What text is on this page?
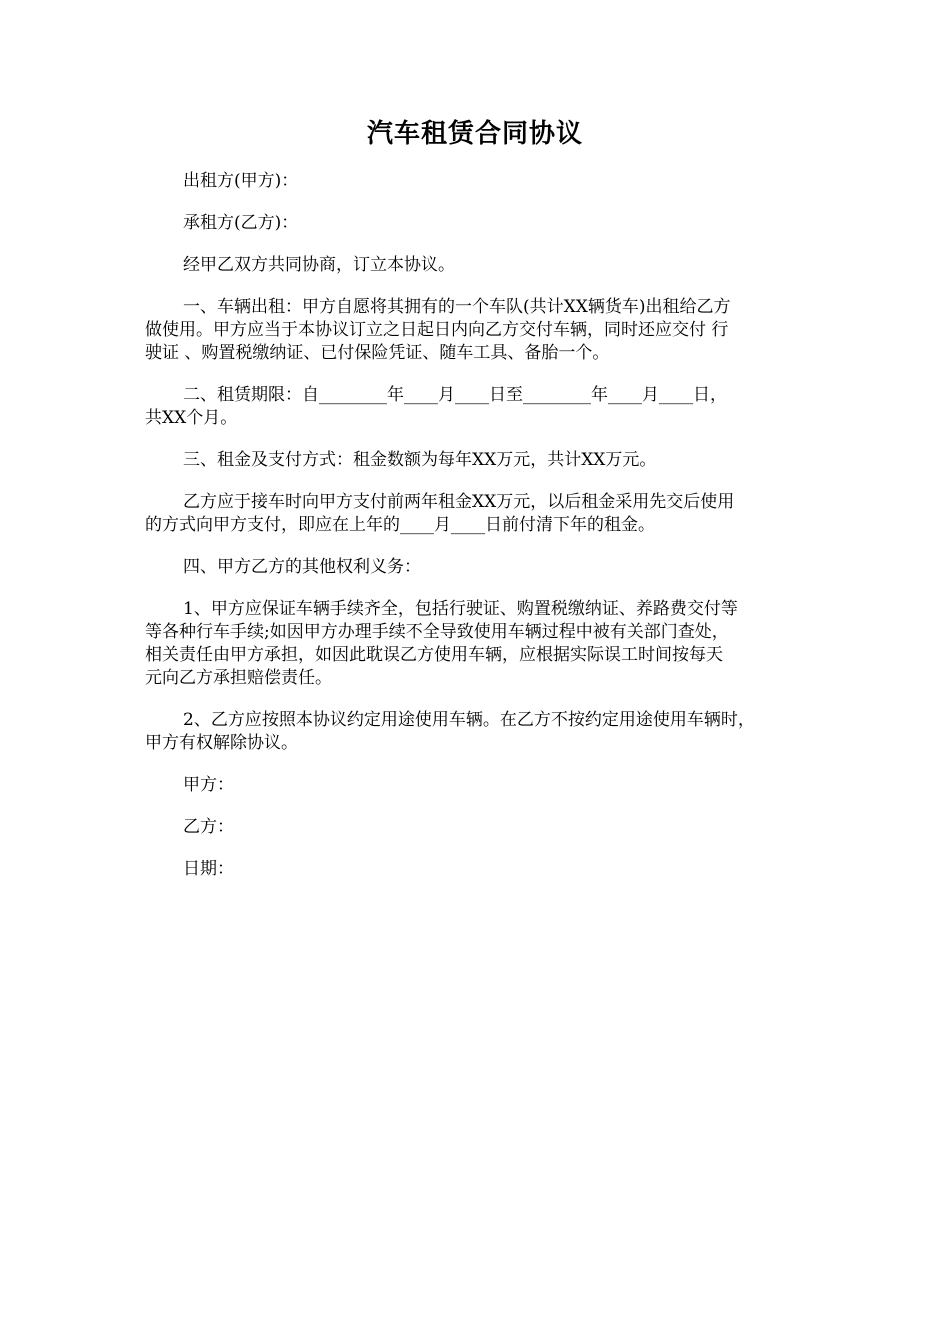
汽车租赁合同协议
出租方(甲方)：
承租方(乙方)：
经甲乙双方共同协商，订立本协议。
一、车辆出租：甲方自愿将其拥有的一个车队(共计XX辆货车)出租给乙方
做使用。甲方应当于本协议订立之日起日内向乙方交付车辆，同时还应交付 行
驶证 、购置税缴纳证、已付保险凭证、随车工具、备胎一个。
二、租赁期限：自________年____月____日至________年____月____日，
共XX个月。
三、租金及支付方式：租金数额为每年XX万元，共计XX万元。
乙方应于接车时向甲方支付前两年租金XX万元，以后租金采用先交后使用
的方式向甲方支付，即应在上年的____月____日前付清下年的租金。
四、甲方乙方的其他权利义务：
1、甲方应保证车辆手续齐全，包括行驶证、购置税缴纳证、养路费交付等
等各种行车手续;如因甲方办理手续不全导致使用车辆过程中被有关部门查处，
相关责任由甲方承担，如因此耽误乙方使用车辆，应根据实际误工时间按每天
元向乙方承担赔偿责任。
2、乙方应按照本协议约定用途使用车辆。在乙方不按约定用途使用车辆时，
甲方有权解除协议。
甲方：
乙方：
日期：
